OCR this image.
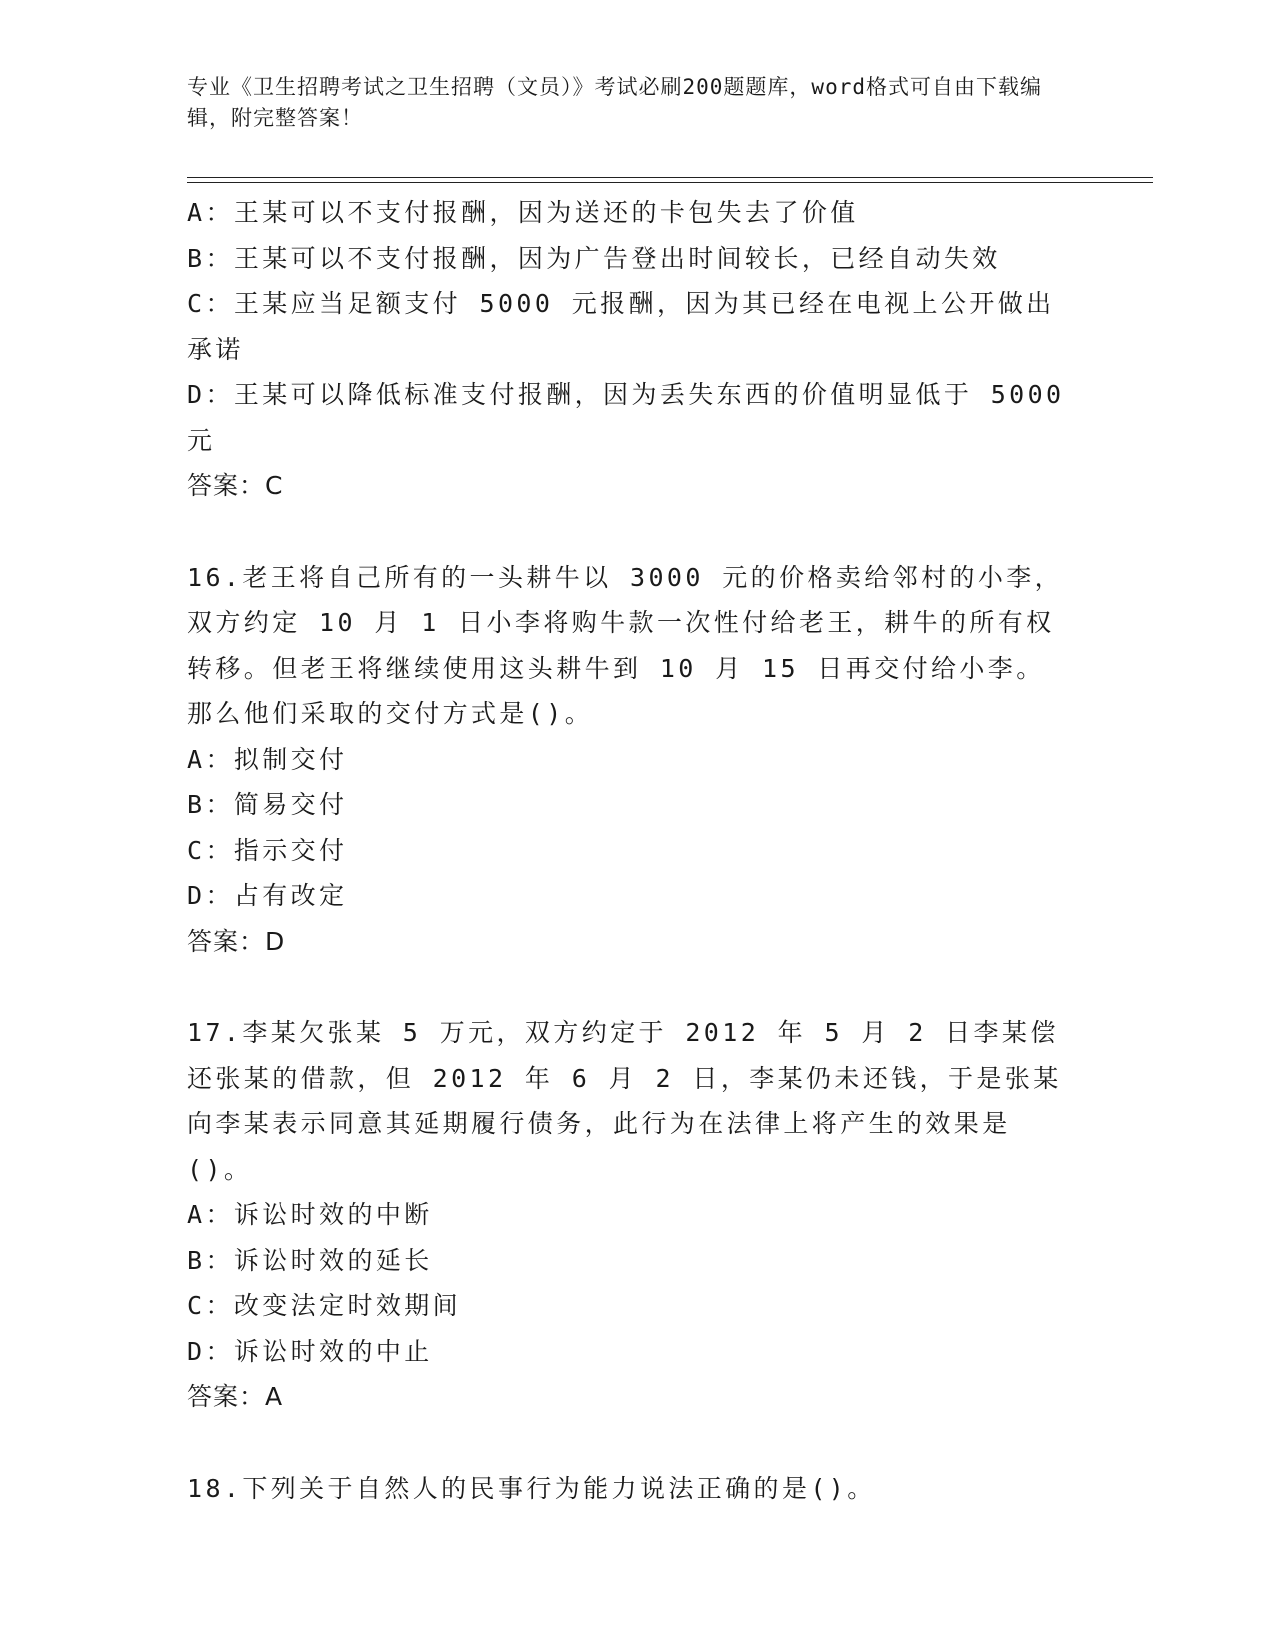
专业《卫生招聘考试之卫生招聘（文员）》考试必刷200题题库，word格式可自由下载编辑，附完整答案！

A：王某可以不支付报酬，因为送还的卡包失去了价值

B：王某可以不支付报酬，因为广告登出时间较长，已经自动失效

C：王某应当足额支付 5000 元报酬，因为其已经在电视上公开做出承诺

D：王某可以降低标准支付报酬，因为丢失东西的价值明显低于 5000 元

答案：C

16.老王将自己所有的一头耕牛以 3000 元的价格卖给邻村的小李，双方约定 10 月 1 日小李将购牛款一次性付给老王，耕牛的所有权转移。但老王将继续使用这头耕牛到 10 月 15 日再交付给小李。那么他们采取的交付方式是()。

A：拟制交付

B：简易交付

C：指示交付

D：占有改定

答案：D

17.李某欠张某 5 万元，双方约定于 2012 年 5 月 2 日李某偿还张某的借款，但 2012 年 6 月 2 日，李某仍未还钱，于是张某向李某表示同意其延期履行债务，此行为在法律上将产生的效果是()。

A：诉讼时效的中断

B：诉讼时效的延长

C：改变法定时效期间

D：诉讼时效的中止

答案：A

18.下列关于自然人的民事行为能力说法正确的是()。
